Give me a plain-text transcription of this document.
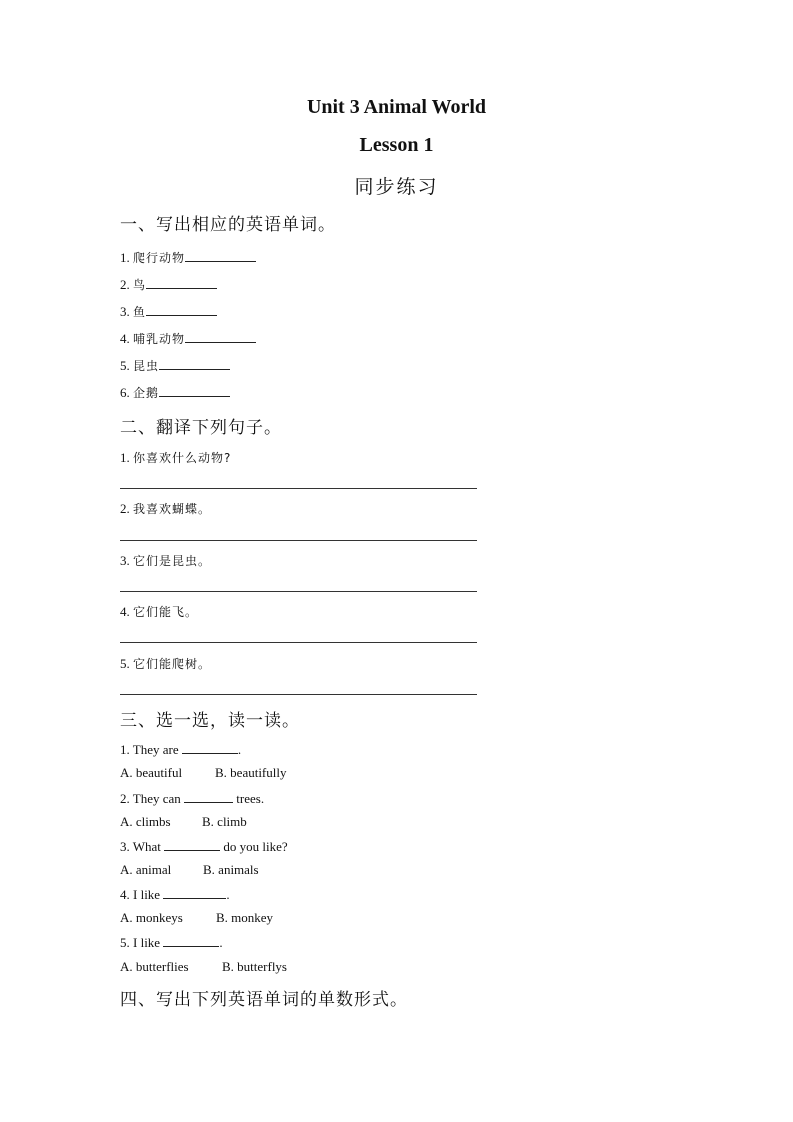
Unit 3 Animal World
Lesson 1
同步练习
一、写出相应的英语单词。
1. 爬行动物
2. 鸟
3. 鱼
4. 哺乳动物
5. 昆虫
6. 企鹅
二、翻译下列句子。
1. 你喜欢什么动物?
2. 我喜欢蝴蝶。
3. 它们是昆虫。
4. 它们能飞。
5. 它们能爬树。
三、选一选，读一读。
1. They are	.
A. beautiful	B. beautifully
2. They can	trees.
A. climbs B. climb
3. What	do you like?
A. animal B. animals
4. I like	.
A. monkeys	B. monkey
5. I like	.
A. butterflies	B. butterflys
四、写出下列英语单词的单数形式。
